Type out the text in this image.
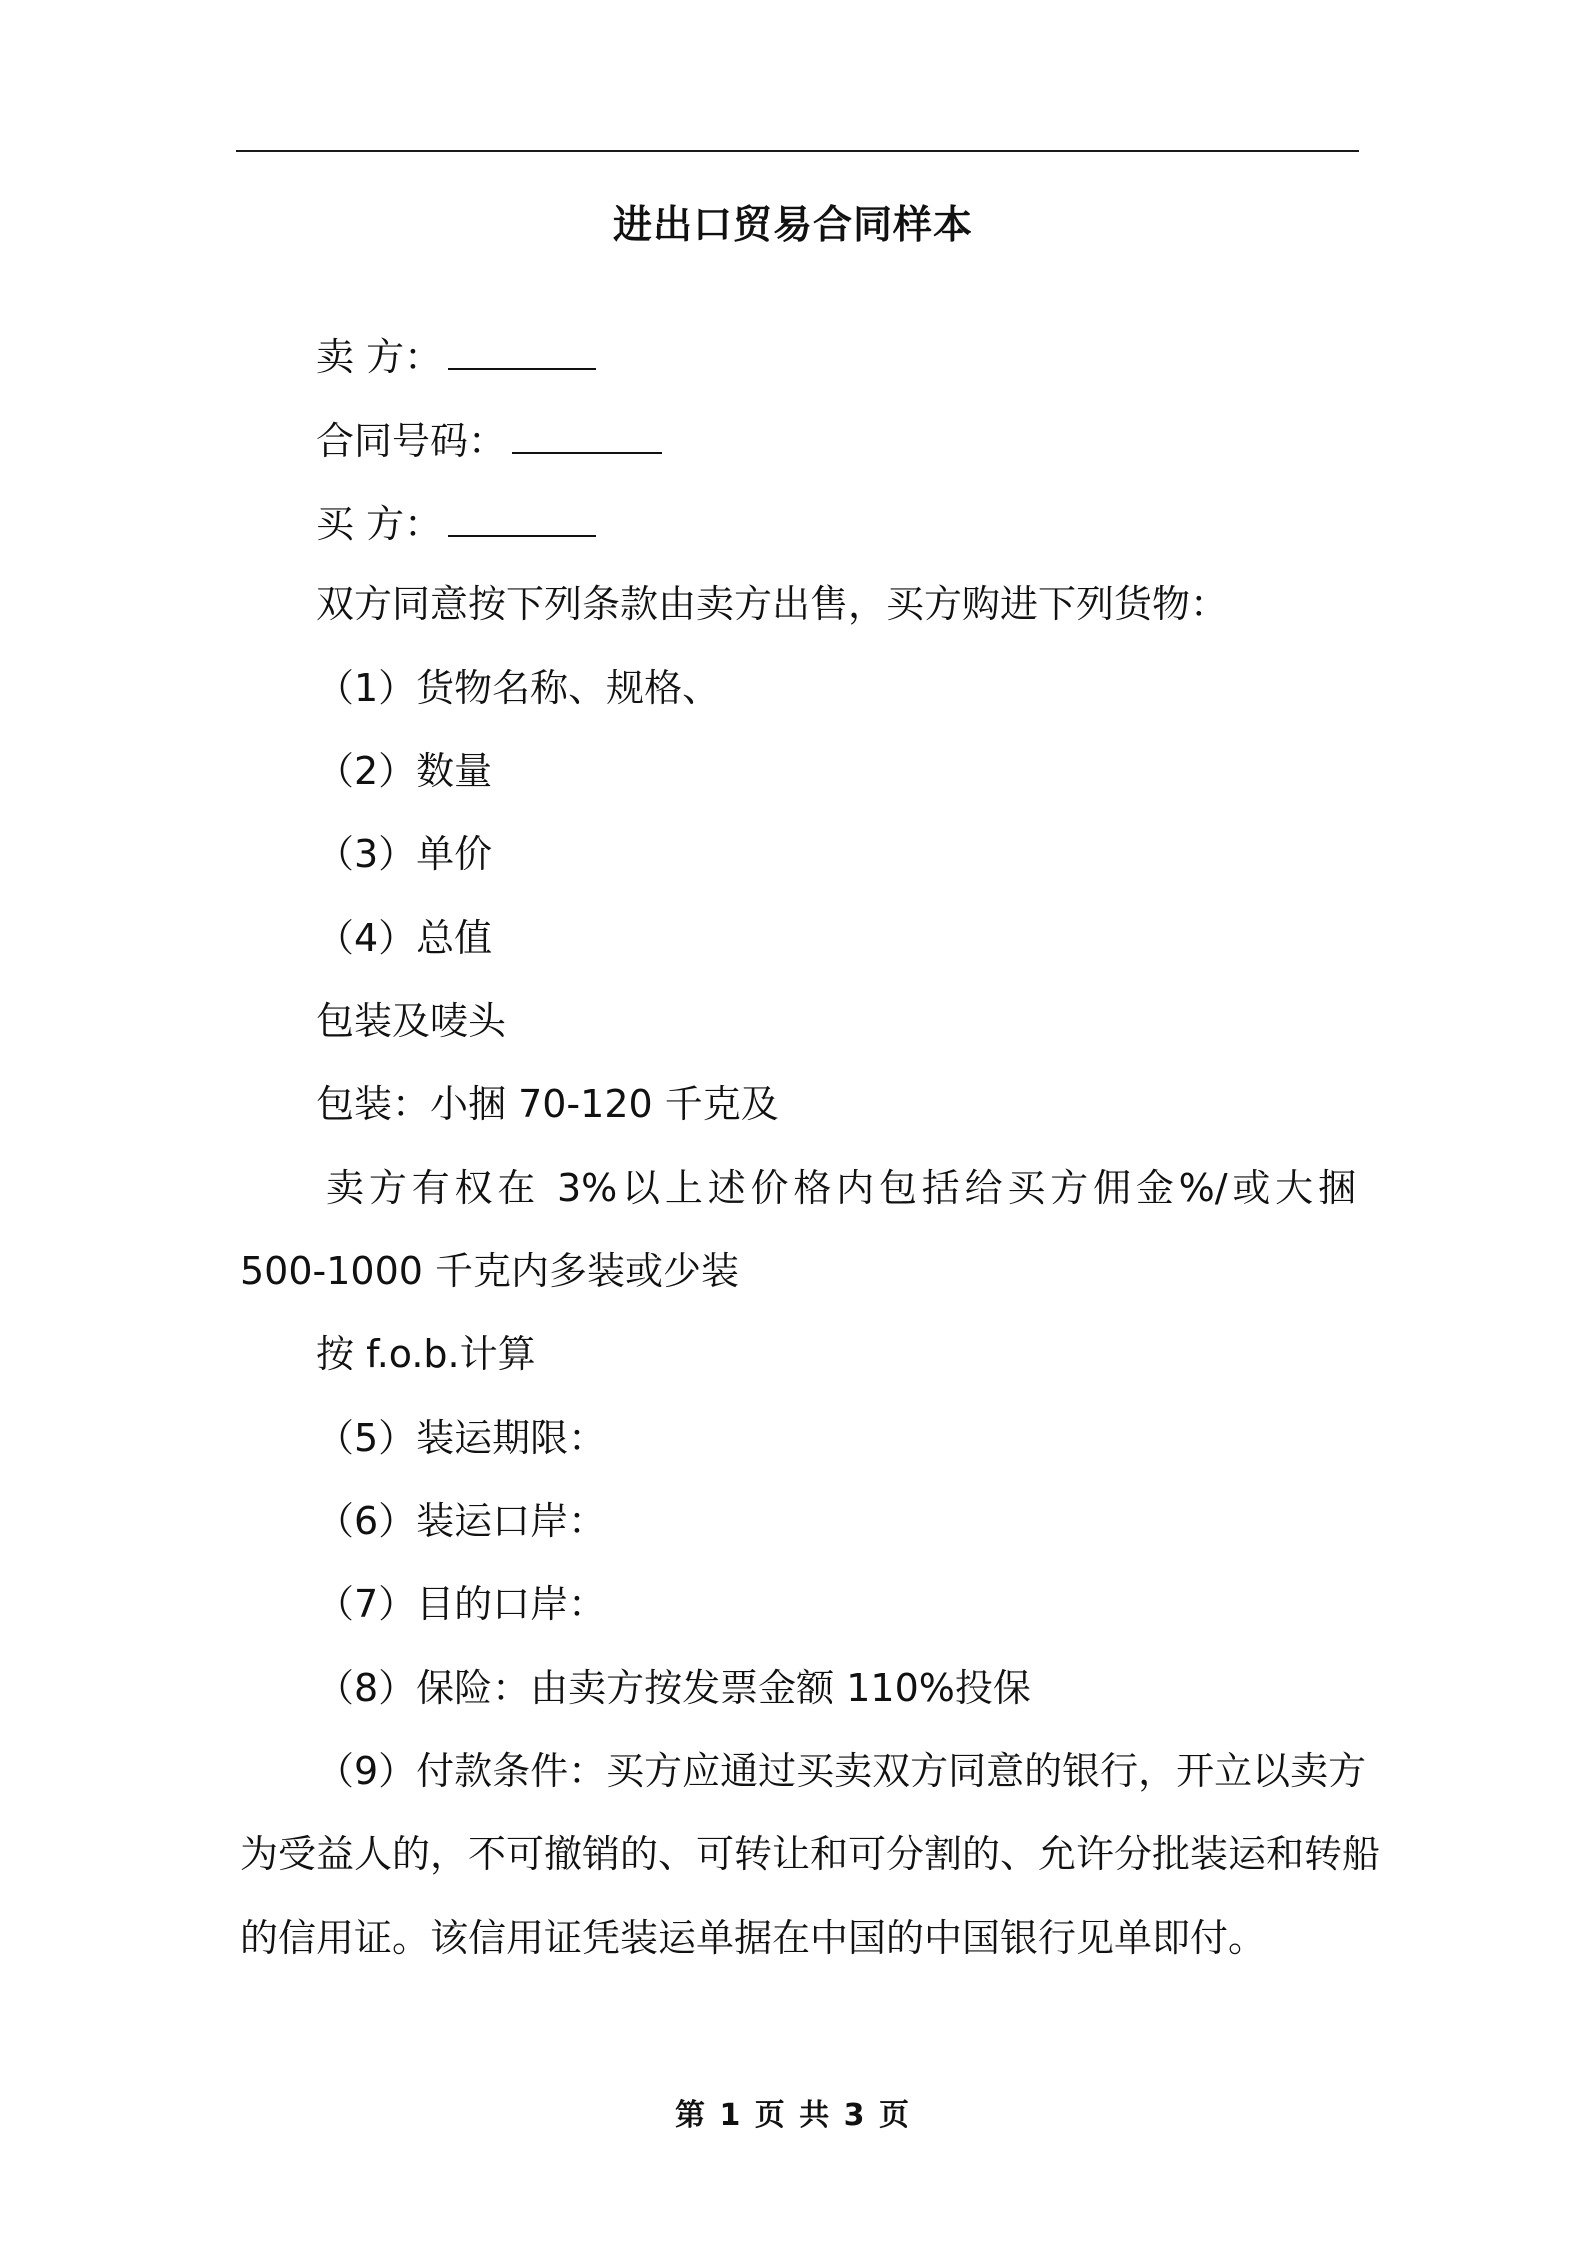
进出口贸易合同样本
卖 方：
合同号码：
买 方：
双方同意按下列条款由卖方出售，买方购进下列货物：
（1）货物名称、规格、
（2）数量
（3）单价
（4）总值
包装及唛头
包装：小捆 70-120 千克及
卖方有权在 3%以上述价格内包括给买方佣金%/或大捆
500-1000 千克内多装或少装
按 f.o.b.计算
（5）装运期限：
（6）装运口岸：
（7）目的口岸：
（8）保险：由卖方按发票金额 110%投保
（9）付款条件：买方应通过买卖双方同意的银行，开立以卖方
为受益人的，不可撤销的、可转让和可分割的、允许分批装运和转船
的信用证。该信用证凭装运单据在中国的中国银行见单即付。
第 1 页 共 3 页
